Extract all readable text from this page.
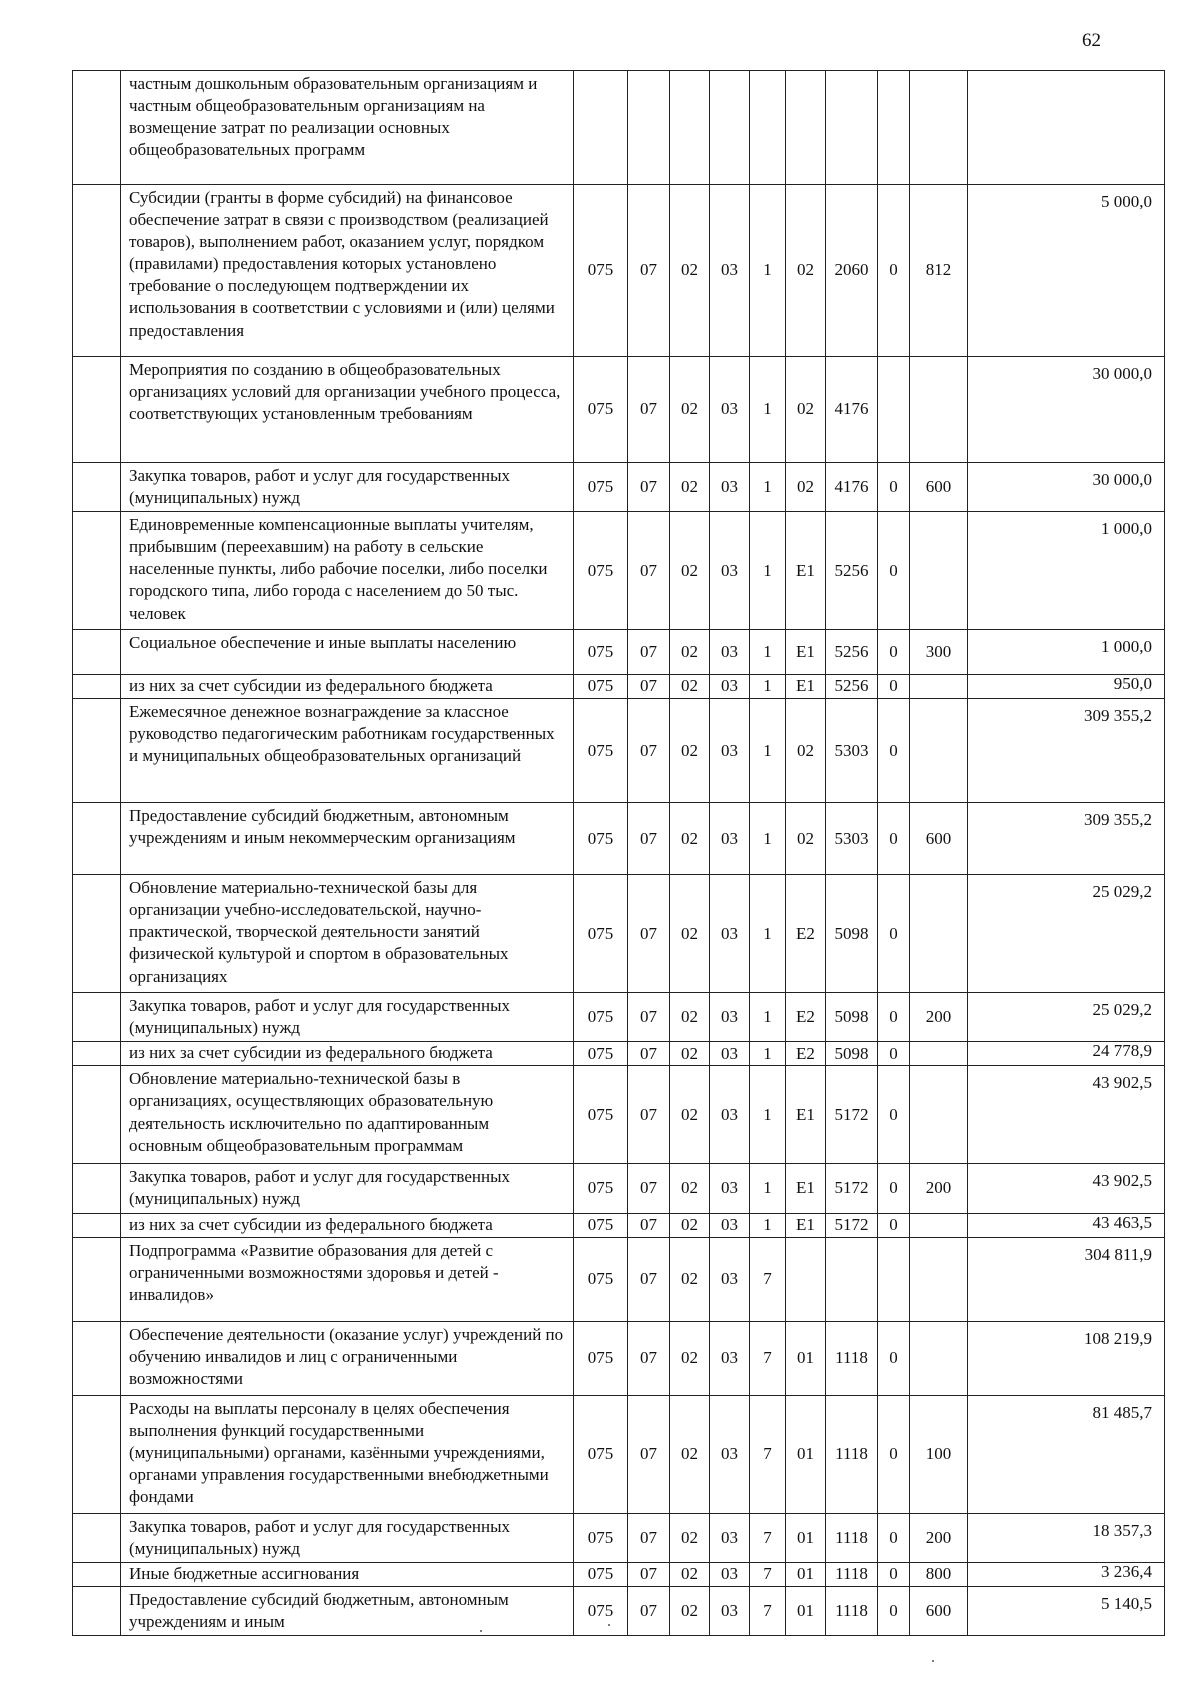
62
	частным дошкольным образовательным организациям и частным общеобразовательным организациям на возмещение затрат по реализации основных общеобразовательных программ										
	Субсидии (гранты в форме субсидий) на финансовое обеспечение затрат в связи с производством (реализацией товаров), выполнением работ, оказанием услуг, порядком (правилами) предоставления которых установлено требование о последующем подтверждении их использования в соответствии с условиями и (или) целями предоставления	075	07	02	03	1	02	2060	0	812	5 000,0
	Мероприятия по созданию в общеобразовательных организациях условий для организации учебного процесса, соответствующих установленным требованиям	075	07	02	03	1	02	4176			30 000,0
	Закупка товаров, работ и услуг для государственных (муниципальных) нужд	075	07	02	03	1	02	4176	0	600	30 000,0
	Единовременные компенсационные выплаты учителям, прибывшим (переехавшим) на работу в сельские населенные пункты, либо рабочие поселки, либо поселки городского типа, либо города с населением до 50 тыс. человек	075	07	02	03	1	E1	5256	0		1 000,0
	Социальное обеспечение и иные выплаты населению	075	07	02	03	1	E1	5256	0	300	1 000,0
	из них за счет субсидии из федерального бюджета	075	07	02	03	1	E1	5256	0		950,0
	Ежемесячное денежное вознаграждение за классное руководство педагогическим работникам государственных и муниципальных общеобразовательных организаций	075	07	02	03	1	02	5303	0		309 355,2
	Предоставление субсидий бюджетным, автономным учреждениям и иным некоммерческим организациям	075	07	02	03	1	02	5303	0	600	309 355,2
	Обновление материально-технической базы для организации учебно-исследовательской, научно-практической, творческой деятельности занятий физической культурой и спортом в образовательных организациях	075	07	02	03	1	E2	5098	0		25 029,2
	Закупка товаров, работ и услуг для государственных (муниципальных) нужд	075	07	02	03	1	E2	5098	0	200	25 029,2
	из них за счет субсидии из федерального бюджета	075	07	02	03	1	E2	5098	0		24 778,9
	Обновление материально-технической базы в организациях, осуществляющих образовательную деятельность исключительно по адаптированным основным общеобразовательным программам	075	07	02	03	1	E1	5172	0		43 902,5
	Закупка товаров, работ и услуг для государственных (муниципальных) нужд	075	07	02	03	1	E1	5172	0	200	43 902,5
	из них за счет субсидии из федерального бюджета	075	07	02	03	1	E1	5172	0		43 463,5
	Подпрограмма «Развитие образования для детей с ограниченными возможностями здоровья и детей - инвалидов»	075	07	02	03	7					304 811,9
	Обеспечение деятельности (оказание услуг) учреждений по обучению инвалидов и лиц с ограниченными возможностями	075	07	02	03	7	01	1118	0		108 219,9
	Расходы на выплаты персоналу в целях обеспечения выполнения функций государственными (муниципальными) органами, казёнными учреждениями, органами управления государственными внебюджетными фондами	075	07	02	03	7	01	1118	0	100	81 485,7
	Закупка товаров, работ и услуг для государственных (муниципальных) нужд	075	07	02	03	7	01	1118	0	200	18 357,3
	Иные бюджетные ассигнования	075	07	02	03	7	01	1118	0	800	3 236,4
	Предоставление субсидий бюджетным, автономным учреждениям и иным	075	07	02	03	7	01	1118	0	600	5 140,5
